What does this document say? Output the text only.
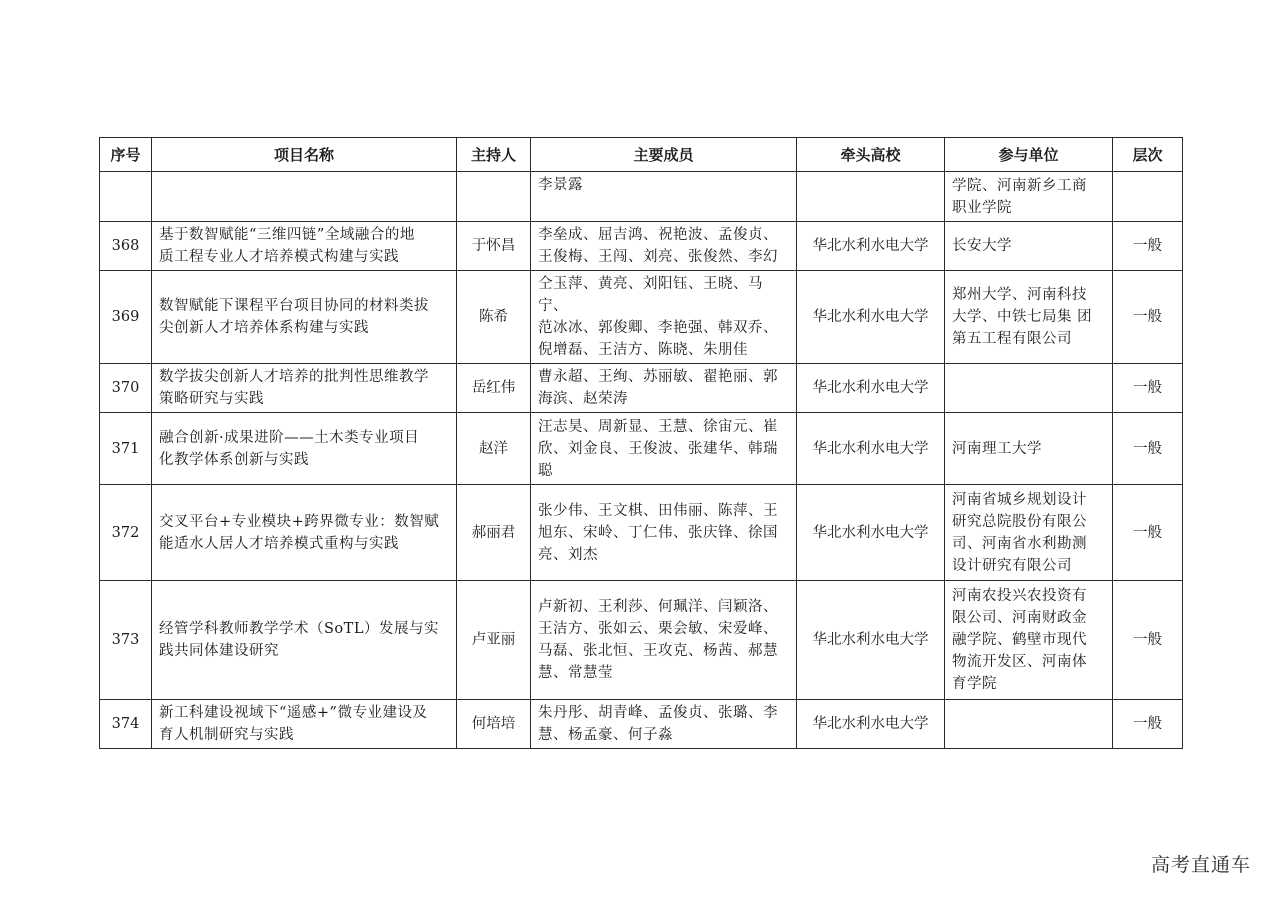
序号	项目名称	主持人	主要成员	牵头高校	参与单位	层次

			李景露		学院、河南新乡工商
职业学院	

368	基于数智赋能“三维四链”全域融合的地
质工程专业人才培养模式构建与实践	于怀昌	李垒成、屈吉鸿、祝艳波、孟俊贞、
王俊梅、王闯、刘亮、张俊然、李幻	华北水利水电大学	长安大学	一般
369	数智赋能下课程平台项目协同的材料类拔
尖创新人才培养体系构建与实践	陈希	仝玉萍、黄亮、刘阳钰、王晓、马宁、
范冰冰、郭俊卿、李艳强、韩双乔、
倪增磊、王洁方、陈晓、朱朋佳	华北水利水电大学	郑州大学、河南科技
大学、中铁七局集 团
第五工程有限公司	一般
370	数学拔尖创新人才培养的批判性思维教学
策略研究与实践	岳红伟	曹永超、王绚、苏丽敏、翟艳丽、郭
海滨、赵荣涛	华北水利水电大学		一般
371	融合创新·成果进阶——土木类专业项目
化教学体系创新与实践	赵洋	汪志昊、周新显、王慧、徐宙元、崔
欣、刘金良、王俊波、张建华、韩瑞
聪	华北水利水电大学	河南理工大学	一般
372	交叉平台+专业模块+跨界微专业：数智赋
能适水人居人才培养模式重构与实践	郝丽君	张少伟、王文棋、田伟丽、陈萍、王
旭东、宋岭、丁仁伟、张庆锋、徐国
亮、刘杰	华北水利水电大学	河南省城乡规划设计
研究总院股份有限公
司、河南省水利勘测
设计研究有限公司	一般
373	经管学科教师教学学术（SoTL）发展与实
践共同体建设研究	卢亚丽	卢新初、王利莎、何珮洋、闫颖洛、
王洁方、张如云、栗会敏、宋爱峰、
马磊、张北恒、王攻克、杨茜、郝慧
慧、常慧莹	华北水利水电大学	河南农投兴农投资有
限公司、河南财政金
融学院、鹤壁市现代
物流开发区、河南体
育学院	一般
374	新工科建设视域下“遥感+”微专业建设及
育人机制研究与实践	何培培	朱丹彤、胡青峰、孟俊贞、张璐、李
慧、杨孟豪、何子淼	华北水利水电大学		一般
高考直通车
